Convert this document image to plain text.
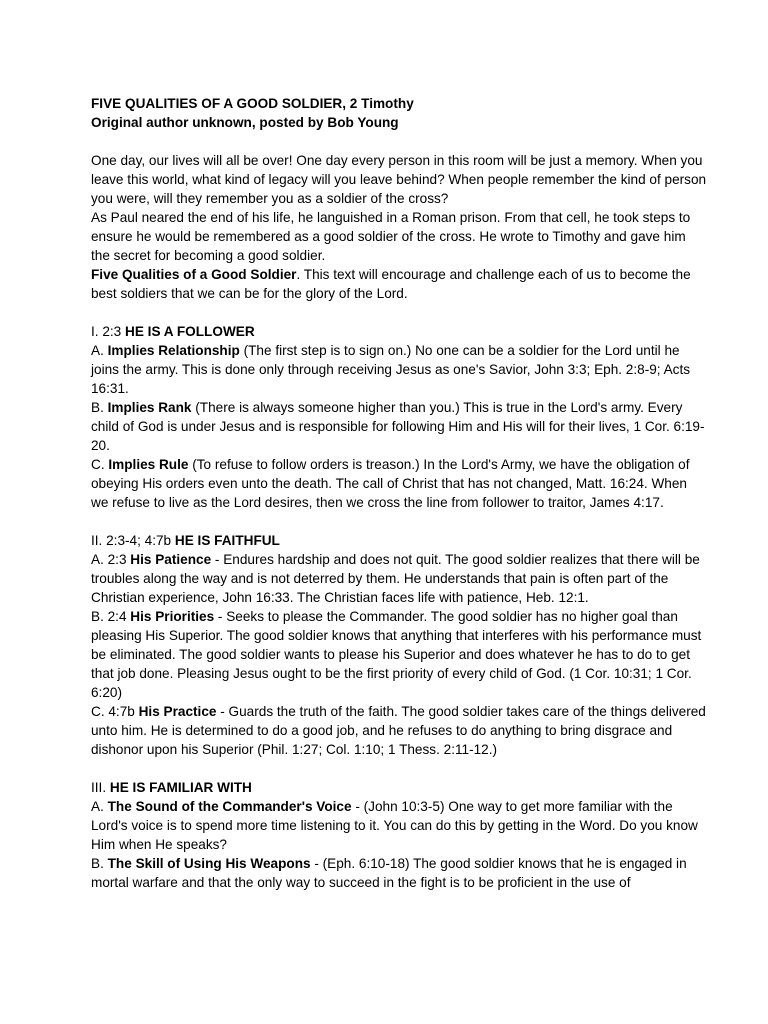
FIVE QUALITIES OF A GOOD SOLDIER, 2 Timothy

Original author unknown, posted by Bob Young

One day, our lives will all be over! One day every person in this room will be just a memory. When you leave this world, what kind of legacy will you leave behind? When people remember the kind of person you were, will they remember you as a soldier of the cross?

As Paul neared the end of his life, he languished in a Roman prison. From that cell, he took steps to ensure he would be remembered as a good soldier of the cross. He wrote to Timothy and gave him the secret for becoming a good soldier.

Five Qualities of a Good Soldier. This text will encourage and challenge each of us to become the best soldiers that we can be for the glory of the Lord.

I. 2:3 HE IS A FOLLOWER

A. Implies Relationship (The first step is to sign on.) No one can be a soldier for the Lord until he joins the army. This is done only through receiving Jesus as one's Savior, John 3:3; Eph. 2:8-9; Acts 16:31.

B. Implies Rank (There is always someone higher than you.) This is true in the Lord's army. Every child of God is under Jesus and is responsible for following Him and His will for their lives, 1 Cor. 6:19-20.

C. Implies Rule (To refuse to follow orders is treason.) In the Lord's Army, we have the obligation of obeying His orders even unto the death. The call of Christ that has not changed, Matt. 16:24. When we refuse to live as the Lord desires, then we cross the line from follower to traitor, James 4:17.

II. 2:3-4; 4:7b HE IS FAITHFUL

A. 2:3 His Patience - Endures hardship and does not quit. The good soldier realizes that there will be troubles along the way and is not deterred by them. He understands that pain is often part of the Christian experience, John 16:33. The Christian faces life with patience, Heb. 12:1.

B. 2:4 His Priorities - Seeks to please the Commander. The good soldier has no higher goal than pleasing His Superior. The good soldier knows that anything that interferes with his performance must be eliminated. The good soldier wants to please his Superior and does whatever he has to do to get that job done. Pleasing Jesus ought to be the first priority of every child of God. (1 Cor. 10:31; 1 Cor. 6:20)

C. 4:7b His Practice - Guards the truth of the faith. The good soldier takes care of the things delivered unto him. He is determined to do a good job, and he refuses to do anything to bring disgrace and dishonor upon his Superior (Phil. 1:27; Col. 1:10; 1 Thess. 2:11-12.)

III. HE IS FAMILIAR WITH

A. The Sound of the Commander's Voice - (John 10:3-5) One way to get more familiar with the Lord's voice is to spend more time listening to it. You can do this by getting in the Word. Do you know Him when He speaks?

B. The Skill of Using His Weapons - (Eph. 6:10-18) The good soldier knows that he is engaged in mortal warfare and that the only way to succeed in the fight is to be proficient in the use of
